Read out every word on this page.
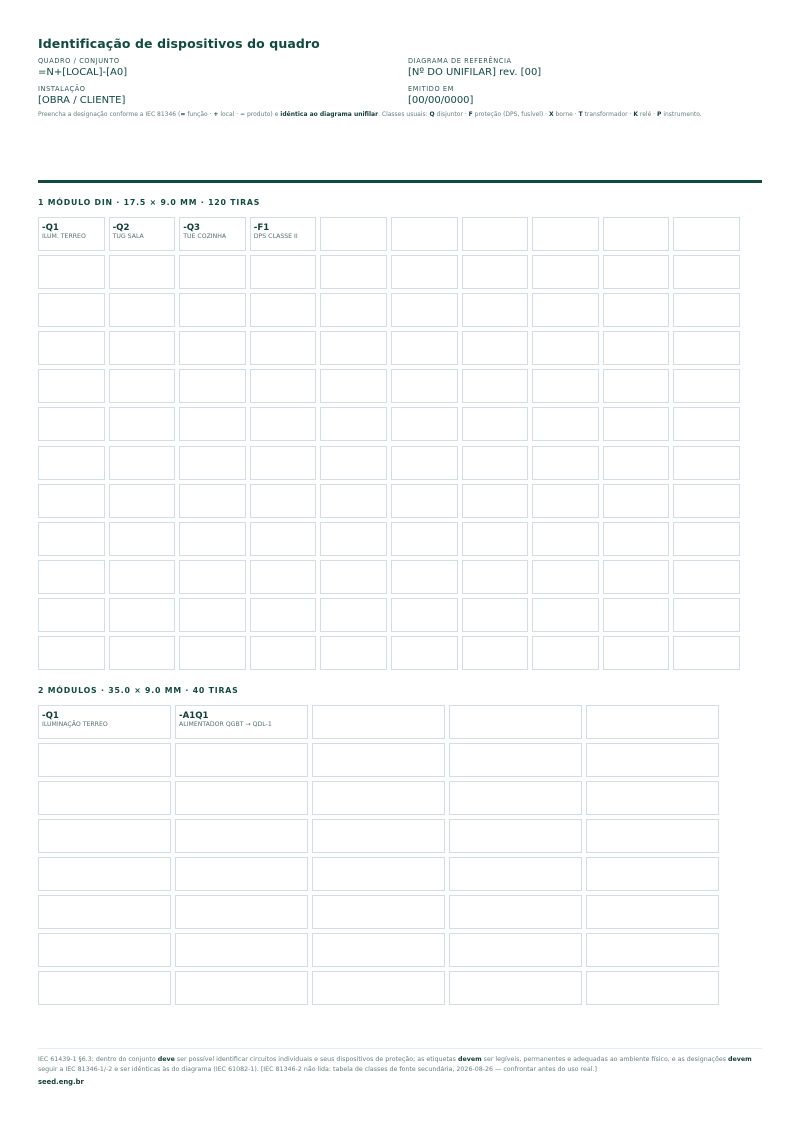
Identificação de dispositivos do quadro
QUADRO / CONJUNTO
=N+[LOCAL]-[A0]
DIAGRAMA DE REFERÊNCIA
[Nº DO UNIFILAR] rev. [00]
INSTALAÇÃO
[OBRA / CLIENTE]
EMITIDO EM
[00/00/0000]
Preencha a designação conforme a IEC 81346 (= função · + local · − produto) e idêntica ao diagrama unifilar. Classes usuais: Q disjuntor · F proteção (DPS, fusível) · X borne · T transformador · K relé · P instrumento.
1 MÓDULO DIN · 17.5 × 9.0 MM · 120 TIRAS
-Q1
ILUM. TERREO
-Q2
TUG SALA
-Q3
TUE COZINHA
-F1
DPS CLASSE II
2 MÓDULOS · 35.0 × 9.0 MM · 40 TIRAS
-Q1
ILUMINAÇÃO TERREO
-A1Q1
ALIMENTADOR QGBT → QDL-1
IEC 61439-1 §6.3: dentro do conjunto deve ser possível identificar circuitos individuais e seus dispositivos de proteção; as etiquetas devem ser legíveis, permanentes e adequadas ao ambiente físico, e as designações devem seguir a IEC 81346-1/-2 e ser idênticas às do diagrama (IEC 61082-1). [IEC 81346-2 não lida: tabela de classes de fonte secundária, 2026-08-26 — confrontar antes do uso real.]
seed.eng.br
